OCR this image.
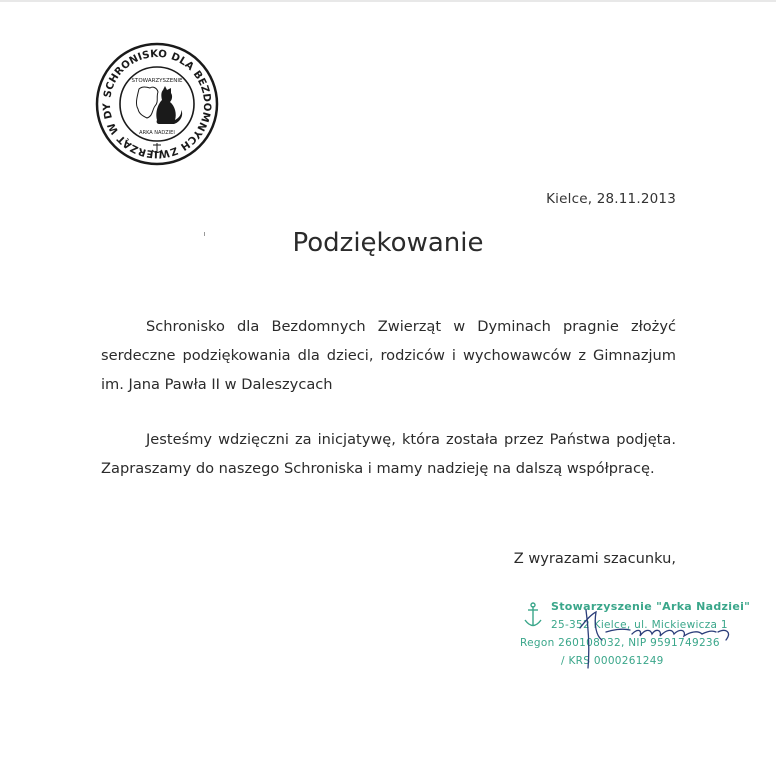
SCHRONISKO DLA BEZDOMNYCH ZWIERZĄT W DY
STOWARZYSZENIE
ARKA NADZIEI
Kielce, 28.11.2013
Podziękowanie
Schronisko dla Bezdomnych Zwierząt w Dyminach pragnie złożyć
serdeczne podziękowania dla dzieci, rodziców i wychowawców z Gimnazjum
im. Jana Pawła II w Daleszycach
Jesteśmy wdzięczni za inicjatywę, która została przez Państwa podjęta.
Zapraszamy do naszego Schroniska i mamy nadzieję na dalszą współpracę.
Z wyrazami szacunku,
Stowarzyszenie "Arka Nadziei"
25-352 Kielce, ul. Mickiewicza 1
Regon 260108032, NIP 9591749236
/ KRS 0000261249
